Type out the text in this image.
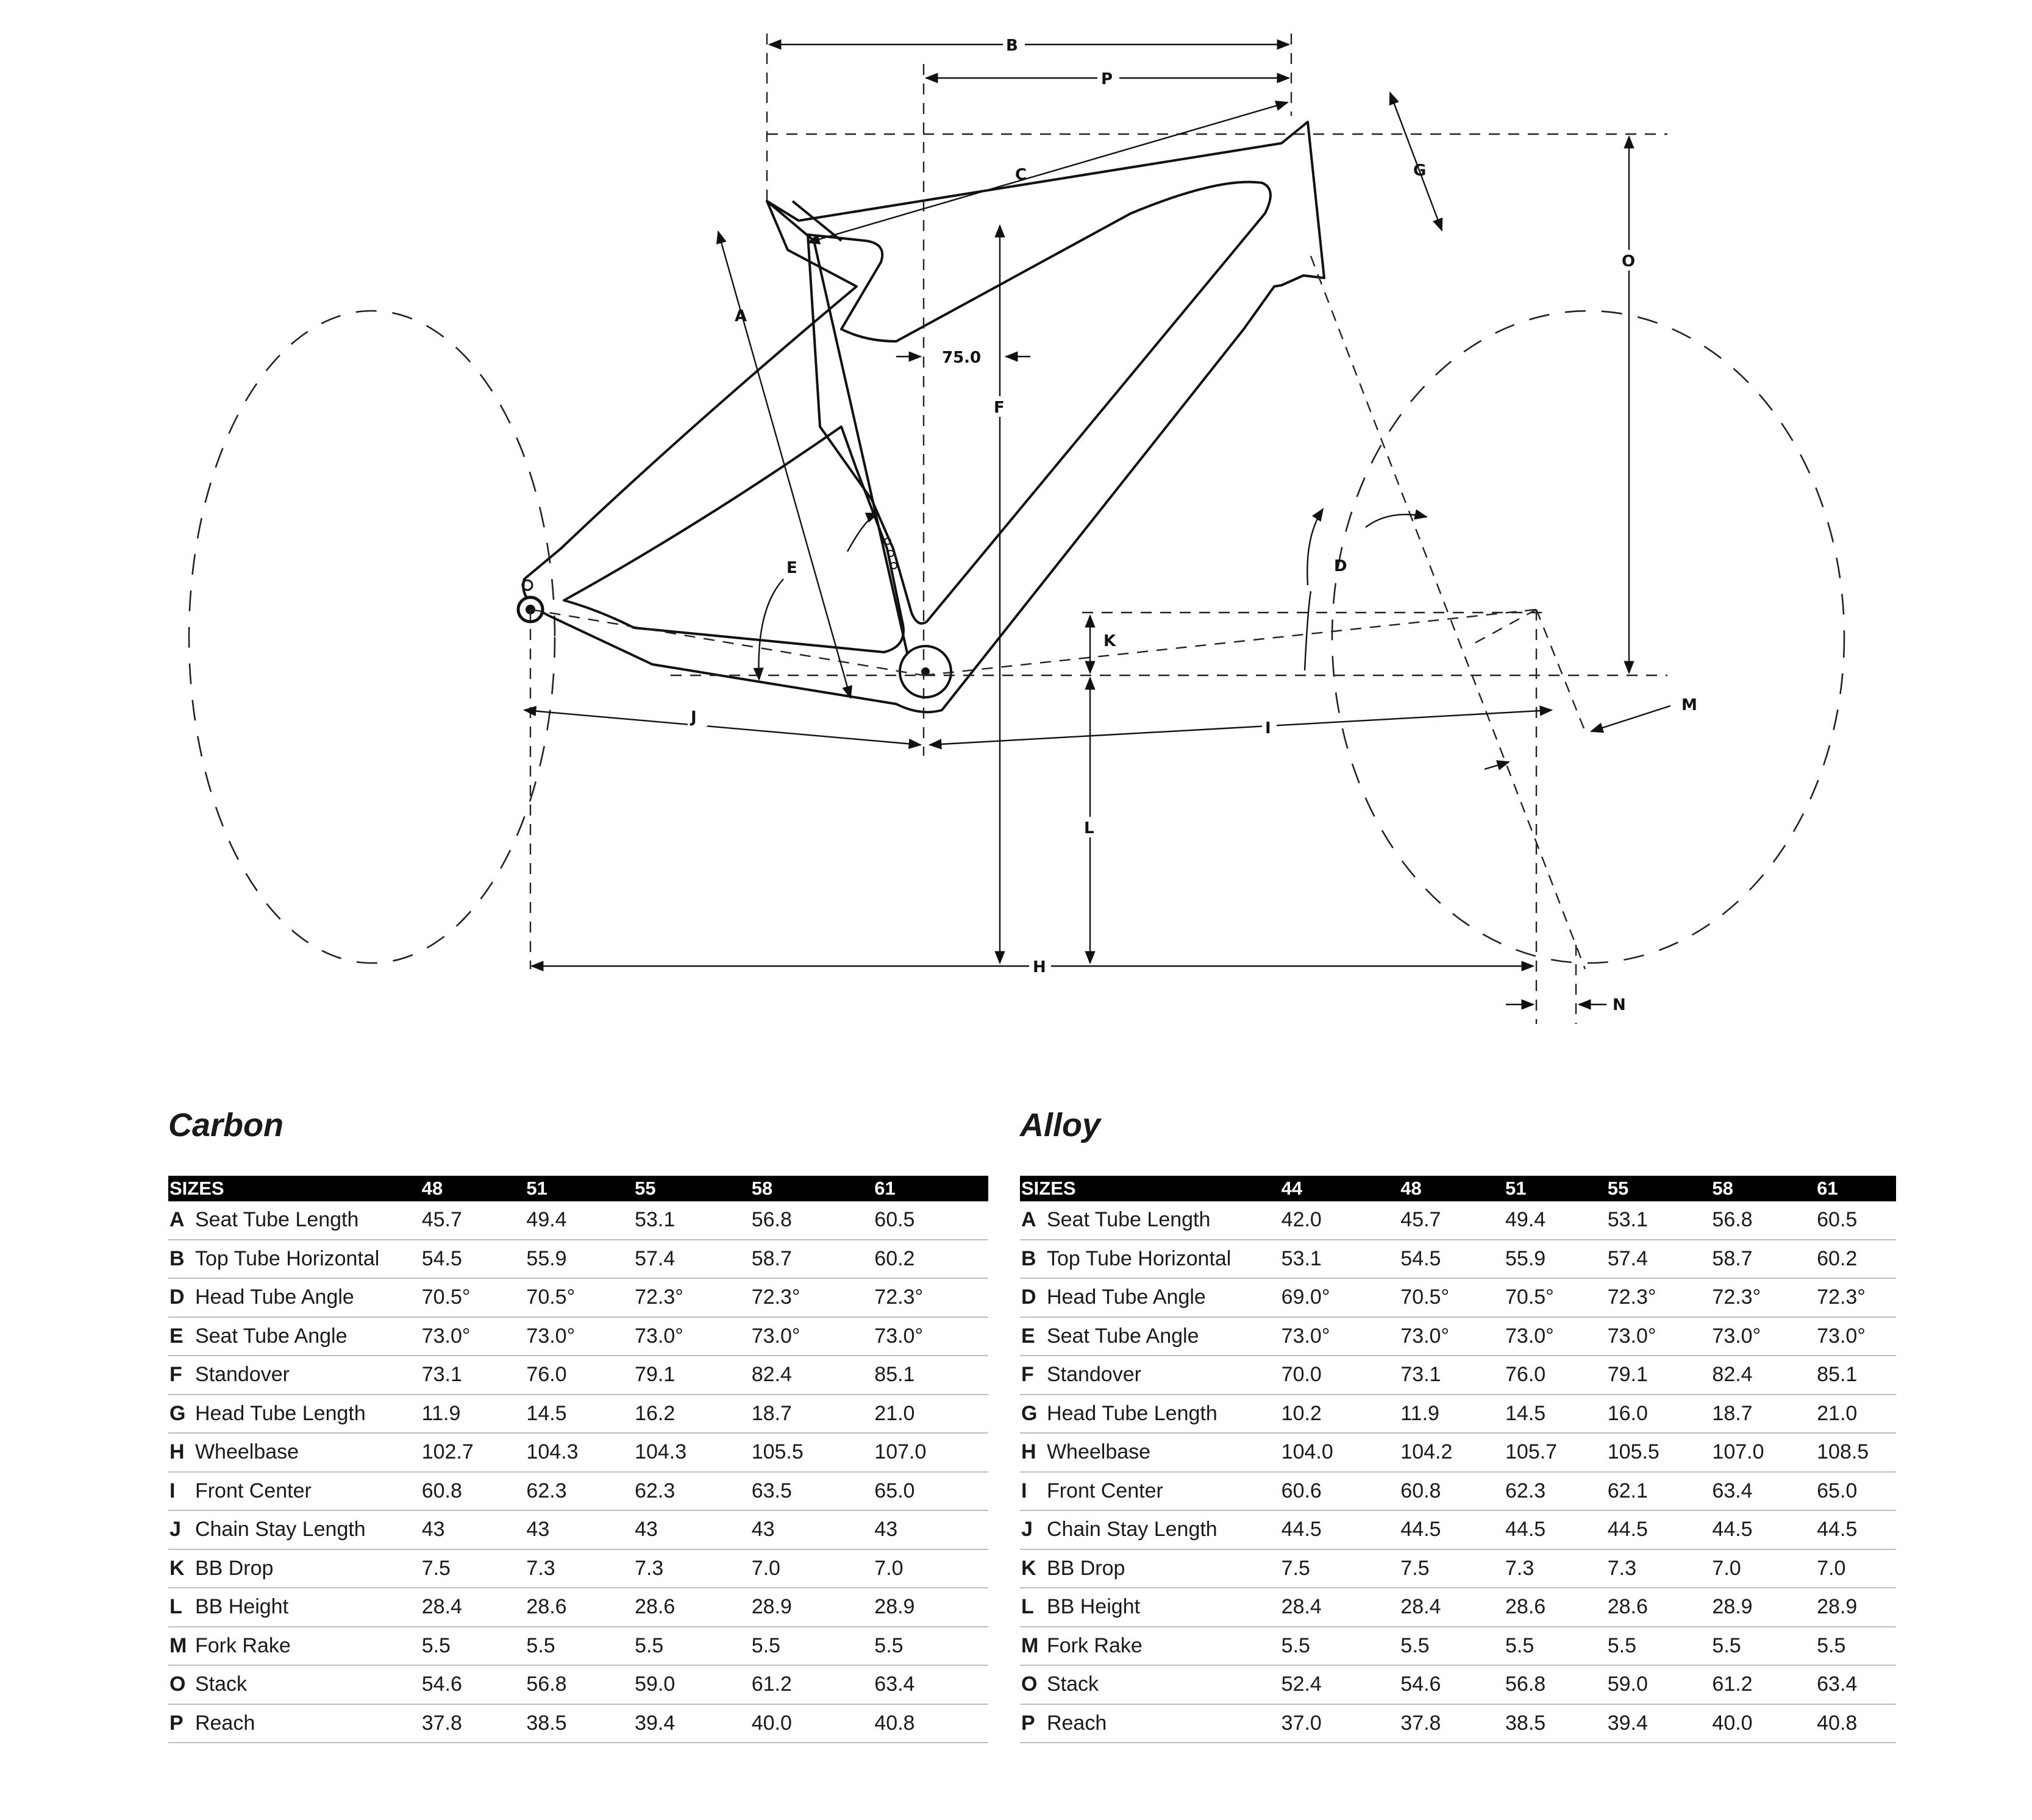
B
P
C	G
O
A
75.0
F
E	D
K
J
I
M
L
H
N
Carbon
SIZES		48	51	55	58	61
A	Seat Tube Length	45.7	49.4	53.1	56.8	60.5
B	Top Tube Horizontal	54.5	55.9	57.4	58.7	60.2
D	Head Tube Angle	70.5°	70.5°	72.3°	72.3°	72.3°
E	Seat Tube Angle	73.0°	73.0°	73.0°	73.0°	73.0°
F	Standover	73.1	76.0	79.1	82.4	85.1
G	Head Tube Length	11.9	14.5	16.2	18.7	21.0
H	Wheelbase	102.7	104.3	104.3	105.5	107.0
I	Front Center	60.8	62.3	62.3	63.5	65.0
J	Chain Stay Length	43	43	43	43	43
K	BB Drop	7.5	7.3	7.3	7.0	7.0
L	BB Height	28.4	28.6	28.6	28.9	28.9
M	Fork Rake	5.5	5.5	5.5	5.5	5.5
O	Stack	54.6	56.8	59.0	61.2	63.4
P	Reach	37.8	38.5	39.4	40.0	40.8
Alloy
SIZES		44	48	51	55	58	61
A	Seat Tube Length	42.0	45.7	49.4	53.1	56.8	60.5
B	Top Tube Horizontal	53.1	54.5	55.9	57.4	58.7	60.2
D	Head Tube Angle	69.0°	70.5°	70.5°	72.3°	72.3°	72.3°
E	Seat Tube Angle	73.0°	73.0°	73.0°	73.0°	73.0°	73.0°
F	Standover	70.0	73.1	76.0	79.1	82.4	85.1
G	Head Tube Length	10.2	11.9	14.5	16.0	18.7	21.0
H	Wheelbase	104.0	104.2	105.7	105.5	107.0	108.5
I	Front Center	60.6	60.8	62.3	62.1	63.4	65.0
J	Chain Stay Length	44.5	44.5	44.5	44.5	44.5	44.5
K	BB Drop	7.5	7.5	7.3	7.3	7.0	7.0
L	BB Height	28.4	28.4	28.6	28.6	28.9	28.9
M	Fork Rake	5.5	5.5	5.5	5.5	5.5	5.5
O	Stack	52.4	54.6	56.8	59.0	61.2	63.4
P	Reach	37.0	37.8	38.5	39.4	40.0	40.8
